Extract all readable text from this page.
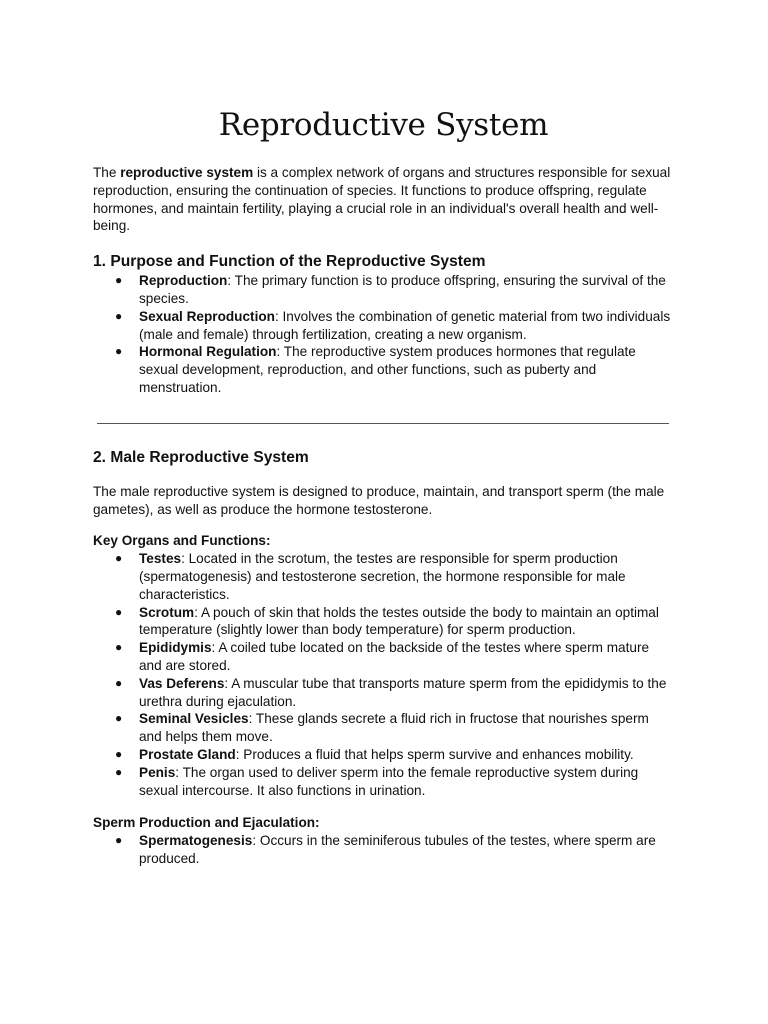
Reproductive System

The reproductive system is a complex network of organs and structures responsible for sexual reproduction, ensuring the continuation of species. It functions to produce offspring, regulate hormones, and maintain fertility, playing a crucial role in an individual's overall health and well-being.

1. Purpose and Function of the Reproductive System
● Reproduction: The primary function is to produce offspring, ensuring the survival of the species.
● Sexual Reproduction: Involves the combination of genetic material from two individuals (male and female) through fertilization, creating a new organism.
● Hormonal Regulation: The reproductive system produces hormones that regulate sexual development, reproduction, and other functions, such as puberty and menstruation.
2. Male Reproductive System

The male reproductive system is designed to produce, maintain, and transport sperm (the male gametes), as well as produce the hormone testosterone.

Key Organs and Functions:

● Testes: Located in the scrotum, the testes are responsible for sperm production (spermatogenesis) and testosterone secretion, the hormone responsible for male characteristics.
● Scrotum: A pouch of skin that holds the testes outside the body to maintain an optimal temperature (slightly lower than body temperature) for sperm production.
● Epididymis: A coiled tube located on the backside of the testes where sperm mature and are stored.
● Vas Deferens: A muscular tube that transports mature sperm from the epididymis to the urethra during ejaculation.
● Seminal Vesicles: These glands secrete a fluid rich in fructose that nourishes sperm and helps them move.
● Prostate Gland: Produces a fluid that helps sperm survive and enhances mobility.
● Penis: The organ used to deliver sperm into the female reproductive system during sexual intercourse. It also functions in urination.

Sperm Production and Ejaculation:

● Spermatogenesis: Occurs in the seminiferous tubules of the testes, where sperm are produced.
